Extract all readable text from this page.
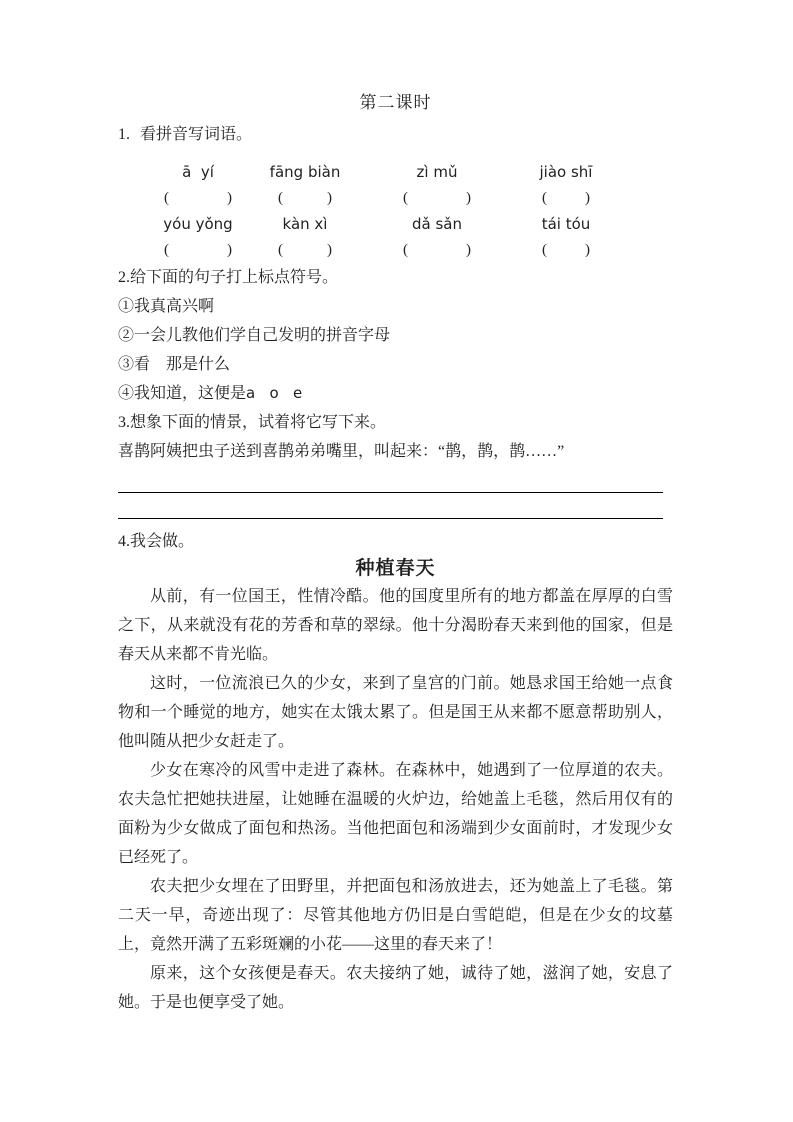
第二课时
1. 看拼音写词语。
ā  yí	fāng biàn	zì mǔ	jiào shī
(	)	(	)	(	)	(	)
yóu yǒng	kàn xì	dǎ sǎn	tái tóu
(	)	(	)	(	)	(	)
2.给下面的句子打上标点符号。
①我真高兴啊
②一会儿教他们学自己发明的拼音字母
③看　那是什么
④我知道，这便是a   o   e
3.想象下面的情景，试着将它写下来。
喜鹊阿姨把虫子送到喜鹊弟弟嘴里，叫起来：“鹊，鹊，鹊……”
4.我会做。
种植春天

从前，有一位国王，性情冷酷。他的国度里所有的地方都盖在厚厚的白雪之下，从来就没有花的芳香和草的翠绿。他十分渴盼春天来到他的国家，但是春天从来都不肯光临。

这时，一位流浪已久的少女，来到了皇宫的门前。她恳求国王给她一点食物和一个睡觉的地方，她实在太饿太累了。但是国王从来都不愿意帮助别人，他叫随从把少女赶走了。

少女在寒冷的风雪中走进了森林。在森林中，她遇到了一位厚道的农夫。农夫急忙把她扶进屋，让她睡在温暖的火炉边，给她盖上毛毯，然后用仅有的面粉为少女做成了面包和热汤。当他把面包和汤端到少女面前时，才发现少女已经死了。

农夫把少女埋在了田野里，并把面包和汤放进去，还为她盖上了毛毯。第二天一早，奇迹出现了：尽管其他地方仍旧是白雪皑皑，但是在少女的坟墓上，竟然开满了五彩斑斓的小花——这里的春天来了！

原来，这个女孩便是春天。农夫接纳了她，诚待了她，滋润了她，安息了她。于是也便享受了她。
